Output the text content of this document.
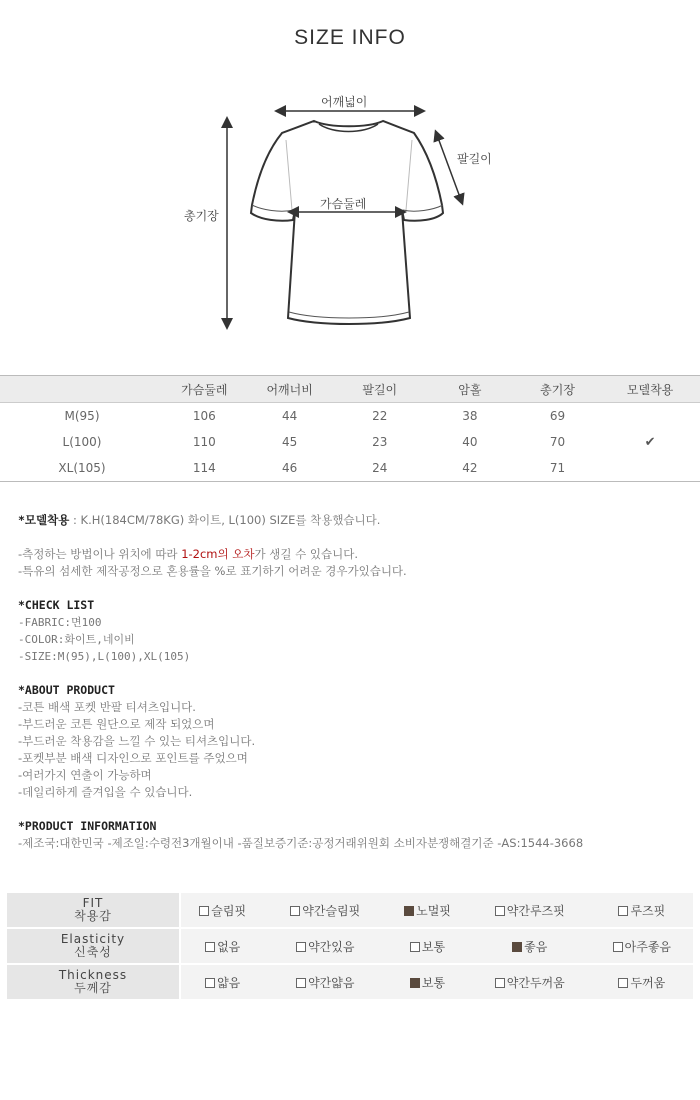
SIZE INFO
어깨넓이
팔길이
가슴둘레
총기장
	가슴둘레	어깨너비	팔길이	암홀	총기장	모델착용
M(95)	106	44	22	38	69	
L(100)	110	45	23	40	70	✔
XL(105)	114	46	24	42	71	
*모델착용 : K.H(184CM/78KG) 화이트, L(100) SIZE를 착용했습니다.
-측정하는 방법이나 위치에 따라 1-2cm의 오차가 생길 수 있습니다.
-특유의 섬세한 제작공정으로 혼용률을 %로 표기하기 어려운 경우가있습니다.
*CHECK LIST
-FABRIC:면100
-COLOR:화이트,네이비
-SIZE:M(95),L(100),XL(105)
*ABOUT PRODUCT
-코튼 배색 포켓 반팔 티셔츠입니다.
-부드러운 코튼 원단으로 제작 되었으며
-부드러운 착용감을 느낄 수 있는 티셔츠입니다.
-포켓부분 배색 디자인으로 포인트를 주었으며
-여러가지 연출이 가능하며
-데일리하게 즐겨입을 수 있습니다.
*PRODUCT INFORMATION
-제조국:대한민국 -제조일:수령전3개월이내 -품질보증기준:공정거래위원회 소비자분쟁해결기준 -AS:1544-3668
FIT
착용감	슬림핏	약간슬림핏	노멀핏	약간루즈핏	루즈핏

Elasticity
신축성	없음	약간있음	보통	좋음	아주좋음

Thickness
두께감	얇음	약간얇음	보통	약간두꺼움	두꺼움
